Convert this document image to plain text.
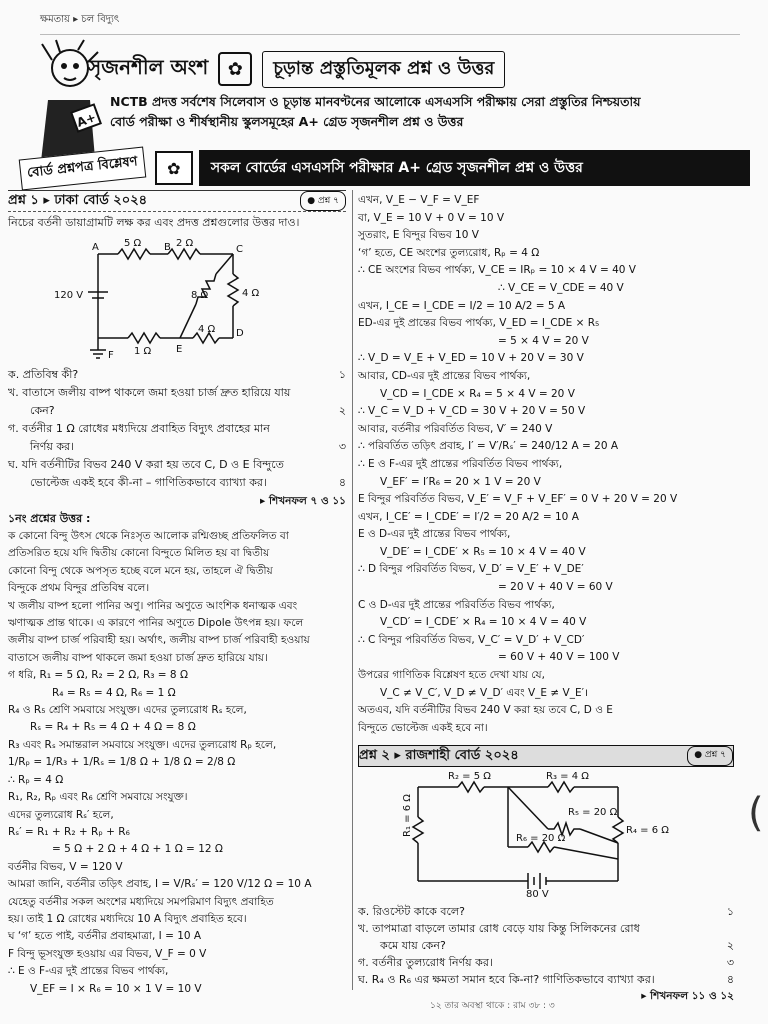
ক্ষমতায় ▸ চল বিদ্যুৎ
A+
সৃজনশীল অংশ	✿	চূড়ান্ত প্রস্তুতিমূলক প্রশ্ন ও উত্তর
NCTB প্রদত্ত সর্বশেষ সিলেবাস ও চূড়ান্ত মানবণ্টনের আলোকে এসএসসি পরীক্ষায় সেরা প্রস্তুতির নিশ্চয়তায়
বোর্ড পরীক্ষা ও শীর্ষস্থানীয় স্কুলসমূহের A+ গ্রেড সৃজনশীল প্রশ্ন ও উত্তর
বোর্ড প্রশ্নপত্র বিশ্লেষণ	✿	সকল বোর্ডের এসএসসি পরীক্ষার A+ গ্রেড সৃজনশীল প্রশ্ন ও উত্তর
প্রশ্ন ১ ▸ ঢাকা বোর্ড ২০২৪	● প্রশ্ন ৭
নিচের বর্তনী ডায়াগ্রামটি লক্ষ কর এবং প্রদত্ত প্রশ্নগুলোর উত্তর দাও।
5 Ω	2 Ω
8 Ω	4 Ω
4 Ω
1 Ω
120 V
A	B	C
D
E
F
ক. প্রতিবিম্ব কী?	১
খ. বাতাসে জলীয় বাষ্প থাকলে জমা হওয়া চার্জ দ্রুত হারিয়ে যায়
কেন?	২
গ. বর্তনীর 1 Ω রোধের মধ্যদিয়ে প্রবাহিত বিদ্যুৎ প্রবাহের মান
নির্ণয় কর।	৩
ঘ. যদি বর্তনীটির বিভব 240 V করা হয় তবে C, D ও E বিন্দুতে
ভোল্টেজ একই হবে কী-না – গাণিতিকভাবে ব্যাখ্যা কর।	৪
▸ শিখনফল ৭ ও ১১
১নং প্রশ্নের উত্তর :
ক কোনো বিন্দু উৎস থেকে নিঃসৃত আলোক রশ্মিগুচ্ছ প্রতিফলিত বা
প্রতিসরিত হয়ে যদি দ্বিতীয় কোনো বিন্দুতে মিলিত হয় বা দ্বিতীয়
কোনো বিন্দু থেকে অপসৃত হচ্ছে বলে মনে হয়, তাহলে ঐ দ্বিতীয়
বিন্দুকে প্রথম বিন্দুর প্রতিবিম্ব বলে।
খ জলীয় বাষ্প হলো পানির অণু। পানির অণুতে আংশিক ধনাত্মক এবং
ঋণাত্মক প্রান্ত থাকে। এ কারণে পানির অণুতে Dipole উৎপন্ন হয়। ফলে
জলীয় বাষ্প চার্জ পরিবাহী হয়। অর্থাৎ, জলীয় বাষ্প চার্জ পরিবাহী হওয়ায়
বাতাসে জলীয় বাষ্প থাকলে জমা হওয়া চার্জ দ্রুত হারিয়ে যায়।
গ ধরি, R₁ = 5 Ω, R₂ = 2 Ω, R₃ = 8 Ω
R₄ = R₅ = 4 Ω, R₆ = 1 Ω
R₄ ও R₅ শ্রেণি সমবায়ে সংযুক্ত। এদের তুল্যরোধ Rₛ হলে,
Rₛ = R₄ + R₅ = 4 Ω + 4 Ω = 8 Ω
R₃ এবং Rₛ সমান্তরাল সমবায়ে সংযুক্ত। এদের তুল্যরোধ Rₚ হলে,
1/Rₚ = 1/R₃ + 1/Rₛ = 1/8 Ω + 1/8 Ω = 2/8 Ω
∴ Rₚ = 4 Ω
R₁, R₂, Rₚ এবং R₆ শ্রেণি সমবায়ে সংযুক্ত।
এদের তুল্যরোধ Rₛ′ হলে,
Rₛ′ = R₁ + R₂ + Rₚ + R₆
= 5 Ω + 2 Ω + 4 Ω + 1 Ω = 12 Ω
বর্তনীর বিভব, V = 120 V
আমরা জানি, বর্তনীর তড়িৎ প্রবাহ, I = V/Rₛ′ = 120 V/12 Ω = 10 A
যেহেতু বর্তনীর সকল অংশের মধ্যদিয়ে সমপরিমাণ বিদ্যুৎ প্রবাহিত
হয়। তাই 1 Ω রোধের মধ্যদিয়ে 10 A বিদ্যুৎ প্রবাহিত হবে।
ঘ ‘গ’ হতে পাই, বর্তনীর প্রবাহমাত্রা, I = 10 A
F বিন্দু ভূসংযুক্ত হওয়ায় এর বিভব, V_F = 0 V
∴ E ও F-এর দুই প্রান্তের বিভব পার্থক্য,
V_EF = I × R₆ = 10 × 1 V = 10 V
এখন, V_E − V_F = V_EF
বা, V_E = 10 V + 0 V = 10 V
সুতরাং, E বিন্দুর বিভব 10 V
‘গ’ হতে, CE অংশের তুল্যরোধ, Rₚ = 4 Ω
∴ CE অংশের বিভব পার্থক্য, V_CE = IRₚ = 10 × 4 V = 40 V
∴ V_CE = V_CDE = 40 V
এখন, I_CE = I_CDE = I/2 = 10 A/2 = 5 A
ED-এর দুই প্রান্তের বিভব পার্থক্য, V_ED = I_CDE × R₅
= 5 × 4 V = 20 V
∴ V_D = V_E + V_ED = 10 V + 20 V = 30 V
আবার, CD-এর দুই প্রান্তের বিভব পার্থক্য,
V_CD = I_CDE × R₄ = 5 × 4 V = 20 V
∴ V_C = V_D + V_CD = 30 V + 20 V = 50 V
আবার, বর্তনীর পরিবর্তিত বিভব, V′ = 240 V
∴ পরিবর্তিত তড়িৎ প্রবাহ, I′ = V′/Rₛ′ = 240/12 A = 20 A
∴ E ও F-এর দুই প্রান্তের পরিবর্তিত বিভব পার্থক্য,
V_EF′ = I′R₆ = 20 × 1 V = 20 V
E বিন্দুর পরিবর্তিত বিভব, V_E′ = V_F + V_EF′ = 0 V + 20 V = 20 V
এখন, I_CE′ = I_CDE′ = I′/2 = 20 A/2 = 10 A
E ও D-এর দুই প্রান্তের বিভব পার্থক্য,
V_DE′ = I_CDE′ × R₅ = 10 × 4 V = 40 V
∴ D বিন্দুর পরিবর্তিত বিভব, V_D′ = V_E′ + V_DE′
= 20 V + 40 V = 60 V
C ও D-এর দুই প্রান্তের পরিবর্তিত বিভব পার্থক্য,
V_CD′ = I_CDE′ × R₄ = 10 × 4 V = 40 V
∴ C বিন্দুর পরিবর্তিত বিভব, V_C′ = V_D′ + V_CD′
= 60 V + 40 V = 100 V
উপরের গাণিতিক বিশ্লেষণ হতে দেখা যায় যে,
V_C ≠ V_C′, V_D ≠ V_D′ এবং V_E ≠ V_E′।
অতএব, যদি বর্তনীটির বিভব 240 V করা হয় তবে C, D ও E
বিন্দুতে ভোল্টেজ একই হবে না।
প্রশ্ন ২ ▸ রাজশাহী বোর্ড ২০২৪	● প্রশ্ন ৭
R₁ = 6 Ω
R₂ = 5 Ω	R₃ = 4 Ω
R₄ = 6 Ω
R₅ = 20 Ω
R₆ = 20 Ω
80 V
ক. রিওস্টেট কাকে বলে?	১
খ. তাপমাত্রা বাড়লে তামার রোধ বেড়ে যায় কিন্তু সিলিকনের রোধ
কমে যায় কেন?	২
গ. বর্তনীর তুল্যরোধ নির্ণয় কর।	৩
ঘ. R₄ ও R₆ এর ক্ষমতা সমান হবে কি-না? গাণিতিকভাবে ব্যাখ্যা কর।	৪
▸ শিখনফল ১১ ও ১২
(
১২ তার অবস্থা থাকে : রাম ৩৮ : ৩
